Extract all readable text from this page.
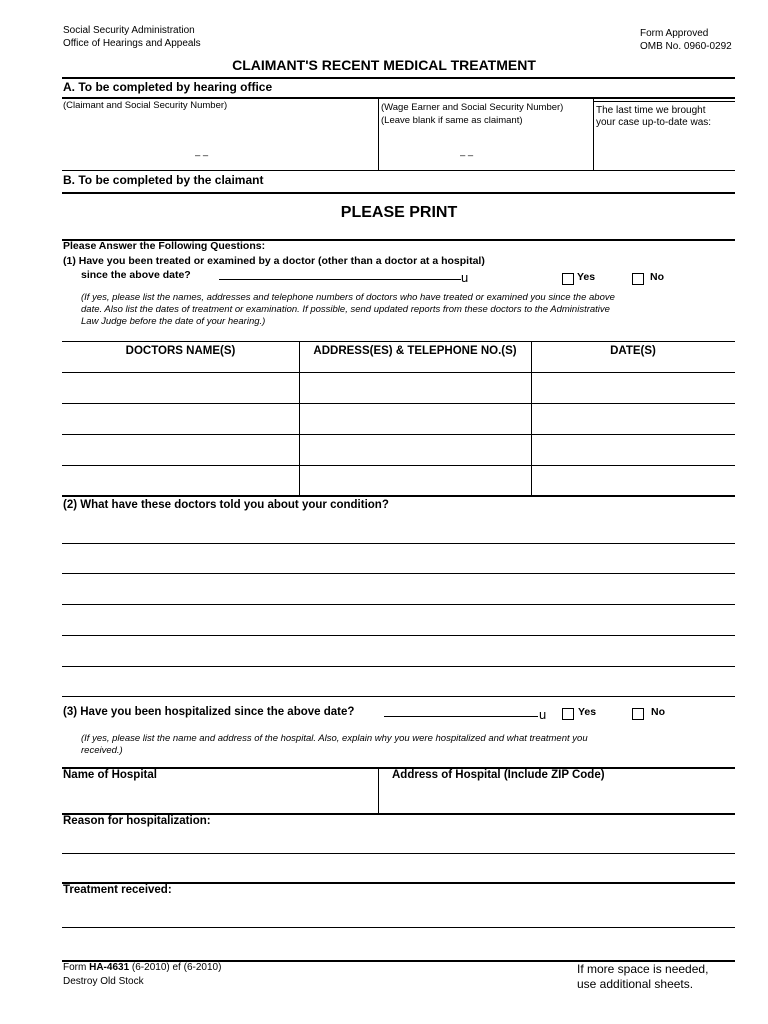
Social Security Administration
Office of Hearings and Appeals
Form Approved
OMB No. 0960-0292
CLAIMANT'S RECENT MEDICAL TREATMENT
A. To be completed by hearing office
(Claimant and Social Security Number)
– –
(Wage Earner and Social Security Number)
(Leave blank if same as claimant)
– –
The last time we brought
your case up-to-date was:
B. To be completed by the claimant
PLEASE PRINT
Please Answer the Following Questions:
(1) Have you been treated or examined by a doctor (other than a doctor at a hospital)
since the above date?	u	Yes	No
(If yes, please list the names, addresses and telephone numbers of doctors who have treated or examined you since the above
date. Also list the dates of treatment or examination. If possible, send updated reports from these doctors to the Administrative
Law Judge before the date of your hearing.)
DOCTORS NAME(S)	ADDRESS(ES) & TELEPHONE NO.(S)	DATE(S)
(2) What have these doctors told you about your condition?
(3) Have you been hospitalized since the above date?	u	Yes	No
(If yes, please list the name and address of the hospital. Also, explain why you were hospitalized and what treatment you
received.)
Name of Hospital	Address of Hospital (Include ZIP Code)
Reason for hospitalization:
Treatment received:
Form HA-4631 (6-2010) ef (6-2010)
Destroy Old Stock
If more space is needed,
use additional sheets.
